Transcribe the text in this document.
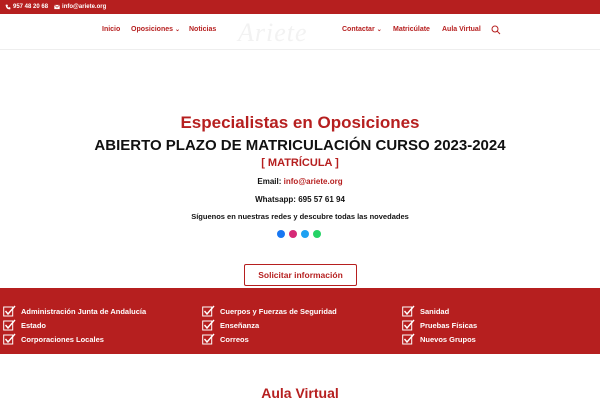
957 48 20 68 info@ariete.org
Ariete
Inicio Oposiciones ⌄ Noticias	Contactar ⌄ Matricúlate Aula Virtual
Especialistas en Oposiciones
ABIERTO PLAZO DE MATRICULACIÓN CURSO 2023-2024
[ MATRÍCULA ]
Email: info@ariete.org
Whatsapp: 695 57 61 94
Síguenos en nuestras redes y descubre todas las novedades
Solicitar información
Administración Junta de Andalucía
Estado
Corporaciones Locales
Cuerpos y Fuerzas de Seguridad
Enseñanza
Correos
Sanidad
Pruebas Físicas
Nuevos Grupos
Aula Virtual
